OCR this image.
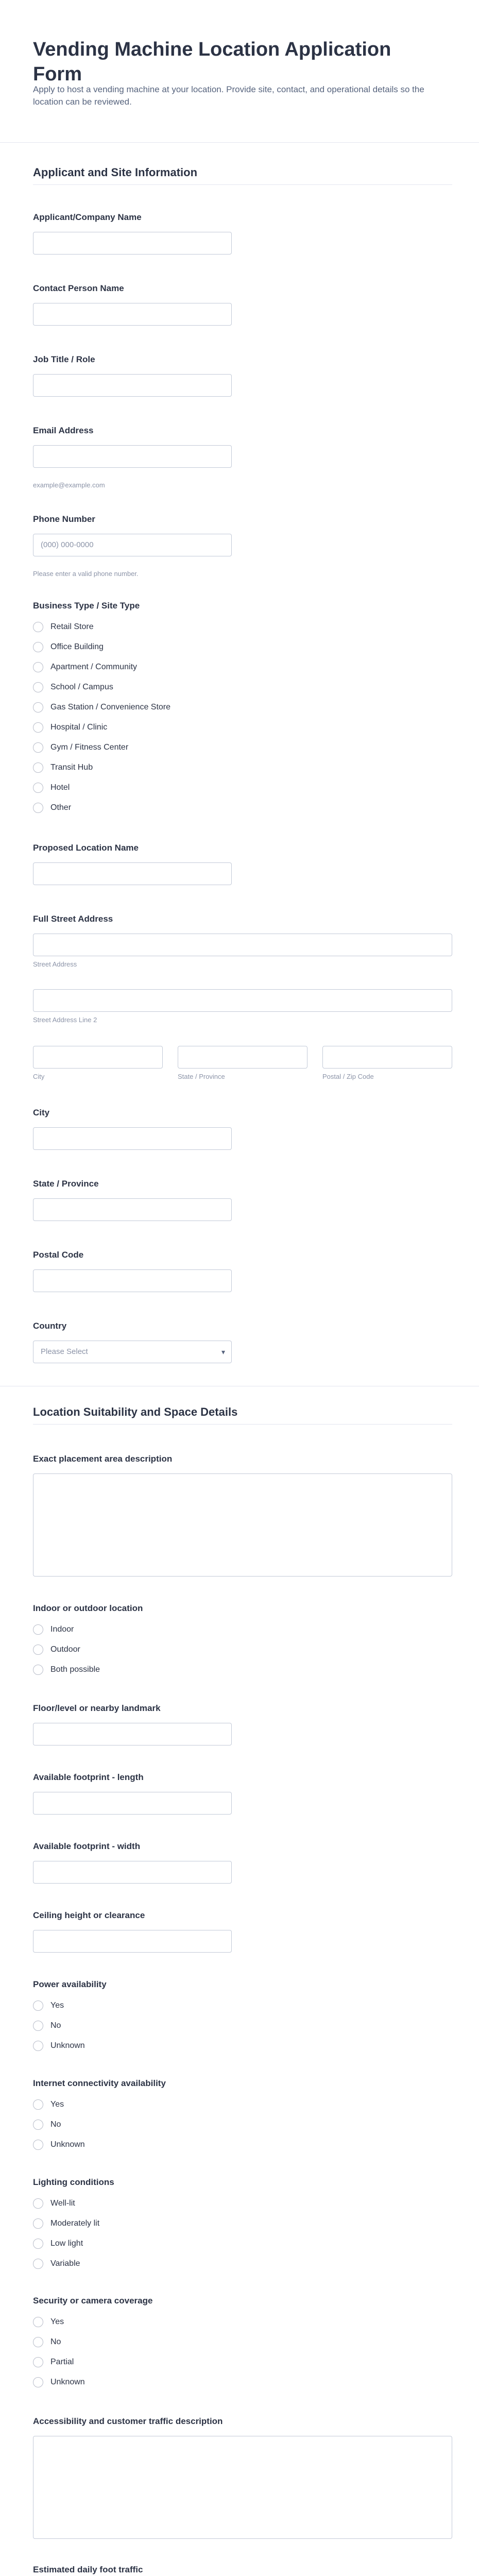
Vending Machine Location Application Form
Apply to host a vending machine at your location. Provide site, contact, and operational details so the location can be reviewed.
Applicant and Site Information
Applicant/Company Name
Contact Person Name
Job Title / Role
Email Address
example@example.com
Phone Number
(000) 000-0000
Please enter a valid phone number.
Business Type / Site Type
Retail Store
Office Building
Apartment / Community
School / Campus
Gas Station / Convenience Store
Hospital / Clinic
Gym / Fitness Center
Transit Hub
Hotel
Other
Proposed Location Name
Full Street Address
Street Address
Street Address Line 2
City	State / Province	Postal / Zip Code
City
State / Province
Postal Code
Country
Please Select	▾
Location Suitability and Space Details
Exact placement area description
Indoor or outdoor location
Indoor
Outdoor
Both possible
Floor/level or nearby landmark
Available footprint - length
Available footprint - width
Ceiling height or clearance
Power availability
Yes
No
Unknown
Internet connectivity availability
Yes
No
Unknown
Lighting conditions
Well-lit
Moderately lit
Low light
Variable
Security or camera coverage
Yes
No
Partial
Unknown
Accessibility and customer traffic description
Estimated daily foot traffic
